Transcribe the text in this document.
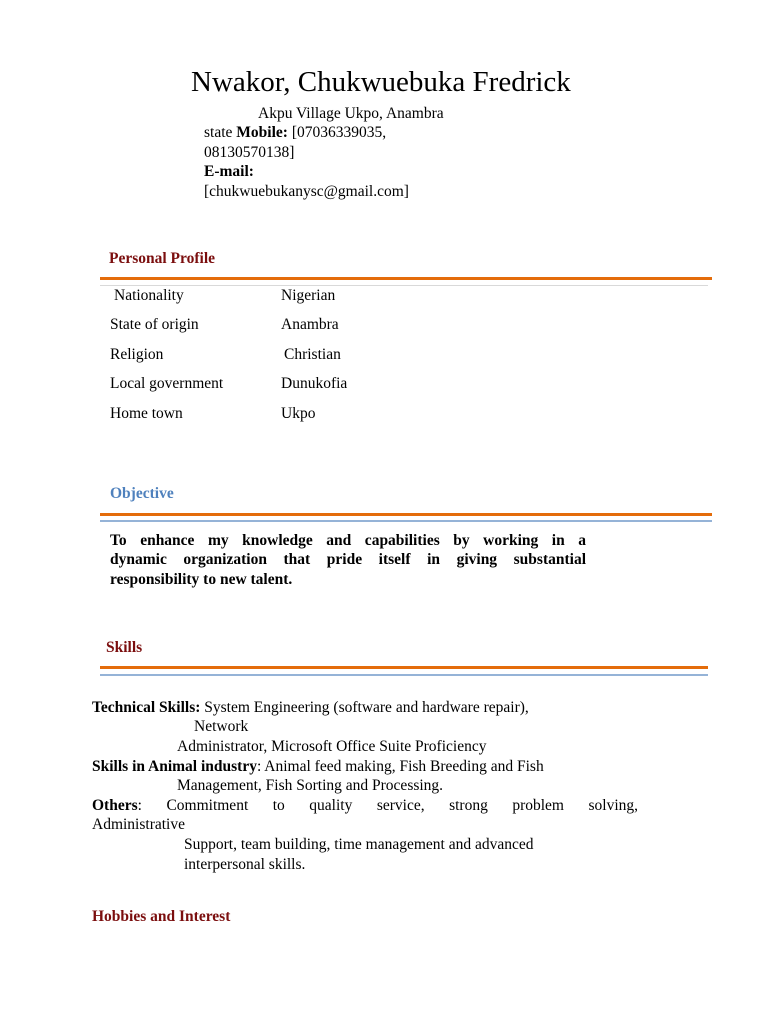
Nwakor, Chukwuebuka Fredrick
Akpu Village Ukpo, Anambra
state Mobile: [07036339035,
08130570138]
E-mail:
[chukwuebukanysc@gmail.com]
Personal Profile
Nationality	Nigerian
State of origin	Anambra
Religion	Christian
Local government	Dunukofia
Home town	Ukpo
Objective
To enhance my knowledge and capabilities by working in a
dynamic organization that pride itself in giving substantial
responsibility to new talent.
Skills
Technical Skills: System Engineering (software and hardware repair),
Network
Administrator, Microsoft Office Suite Proficiency
Skills in Animal industry: Animal feed making, Fish Breeding and Fish
Management, Fish Sorting and Processing.
Others: Commitment to quality service, strong problem solving,
Administrative
Support, team building, time management and advanced
interpersonal skills.
Hobbies and Interest
